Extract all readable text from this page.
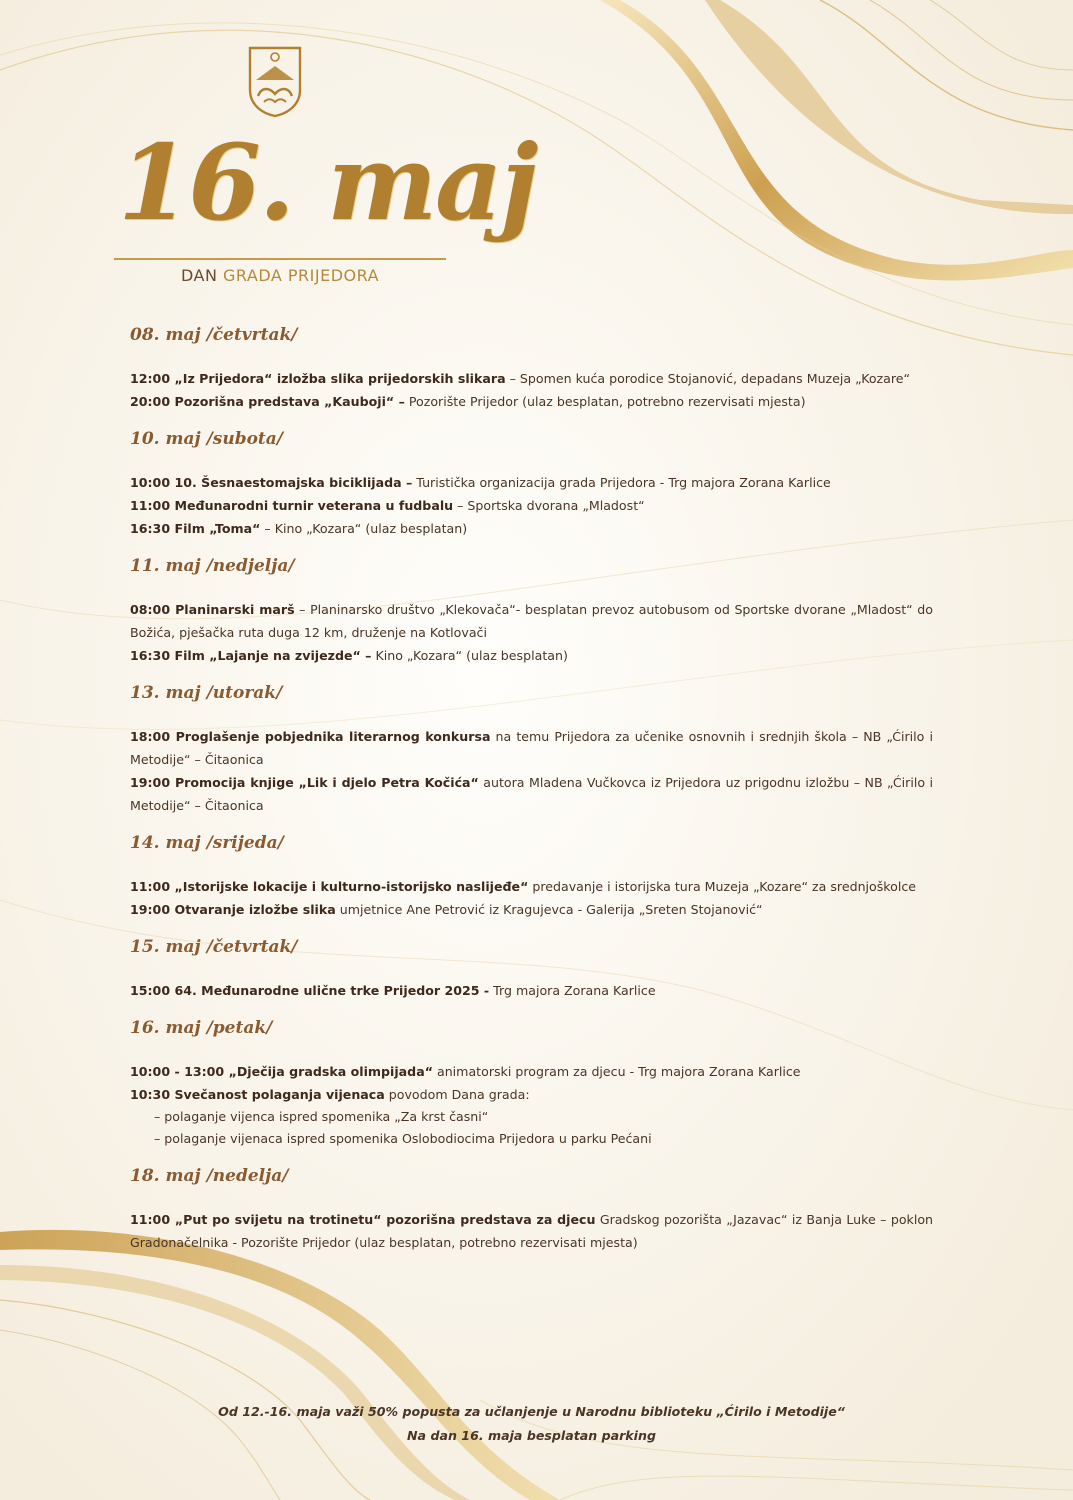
16. maj
DAN GRADA PRIJEDORA
08. maj /četvrtak/
12:00 „Iz Prijedora“ izložba slika prijedorskih slikara – Spomen kuća porodice Stojanović, depadans Muzeja „Kozare“
20:00 Pozorišna predstava „Kauboji“ – Pozorište Prijedor (ulaz besplatan, potrebno rezervisati mjesta)
10. maj /subota/
10:00 10. Šesnaestomajska biciklijada – Turistička organizacija grada Prijedora - Trg majora Zorana Karlice
11:00 Međunarodni turnir veterana u fudbalu – Sportska dvorana „Mladost“
16:30 Film „Toma“ – Kino „Kozara“ (ulaz besplatan)
11. maj /nedjelja/
08:00 Planinarski marš – Planinarsko društvo „Klekovača“- besplatan prevoz autobusom od Sportske dvorane „Mladost“ do Božića, pješačka ruta duga 12 km, druženje na Kotlovači
16:30 Film „Lajanje na zvijezde“ – Kino „Kozara“ (ulaz besplatan)
13. maj /utorak/
18:00 Proglašenje pobjednika literarnog konkursa na temu Prijedora za učenike osnovnih i srednjih škola – NB „Ćirilo i Metodije“ – Čitaonica
19:00 Promocija knjige „Lik i djelo Petra Kočića“ autora Mladena Vučkovca iz Prijedora uz prigodnu izložbu – NB „Ćirilo i Metodije“ – Čitaonica
14. maj /srijeda/
11:00 „Istorijske lokacije i kulturno-istorijsko naslijeđe“ predavanje i istorijska tura Muzeja „Kozare“ za srednjoškolce
19:00 Otvaranje izložbe slika umjetnice Ane Petrović iz Kragujevca - Galerija „Sreten Stojanović“
15. maj /četvrtak/
15:00 64. Međunarodne ulične trke Prijedor 2025 - Trg majora Zorana Karlice
16. maj /petak/
10:00 - 13:00 „Dječija gradska olimpijada“ animatorski program za djecu - Trg majora Zorana Karlice
10:30 Svečanost polaganja vijenaca povodom Dana grada:
– polaganje vijenca ispred spomenika „Za krst časni“
– polaganje vijenaca ispred spomenika Oslobodiocima Prijedora u parku Pećani
18. maj /nedelja/
11:00 „Put po svijetu na trotinetu“ pozorišna predstava za djecu Gradskog pozorišta „Jazavac“ iz Banja Luke – poklon Gradonačelnika - Pozorište Prijedor (ulaz besplatan, potrebno rezervisati mjesta)
Od 12.-16. maja važi 50% popusta za učlanjenje u Narodnu biblioteku „Ćirilo i Metodije“
Na dan 16. maja besplatan parking
